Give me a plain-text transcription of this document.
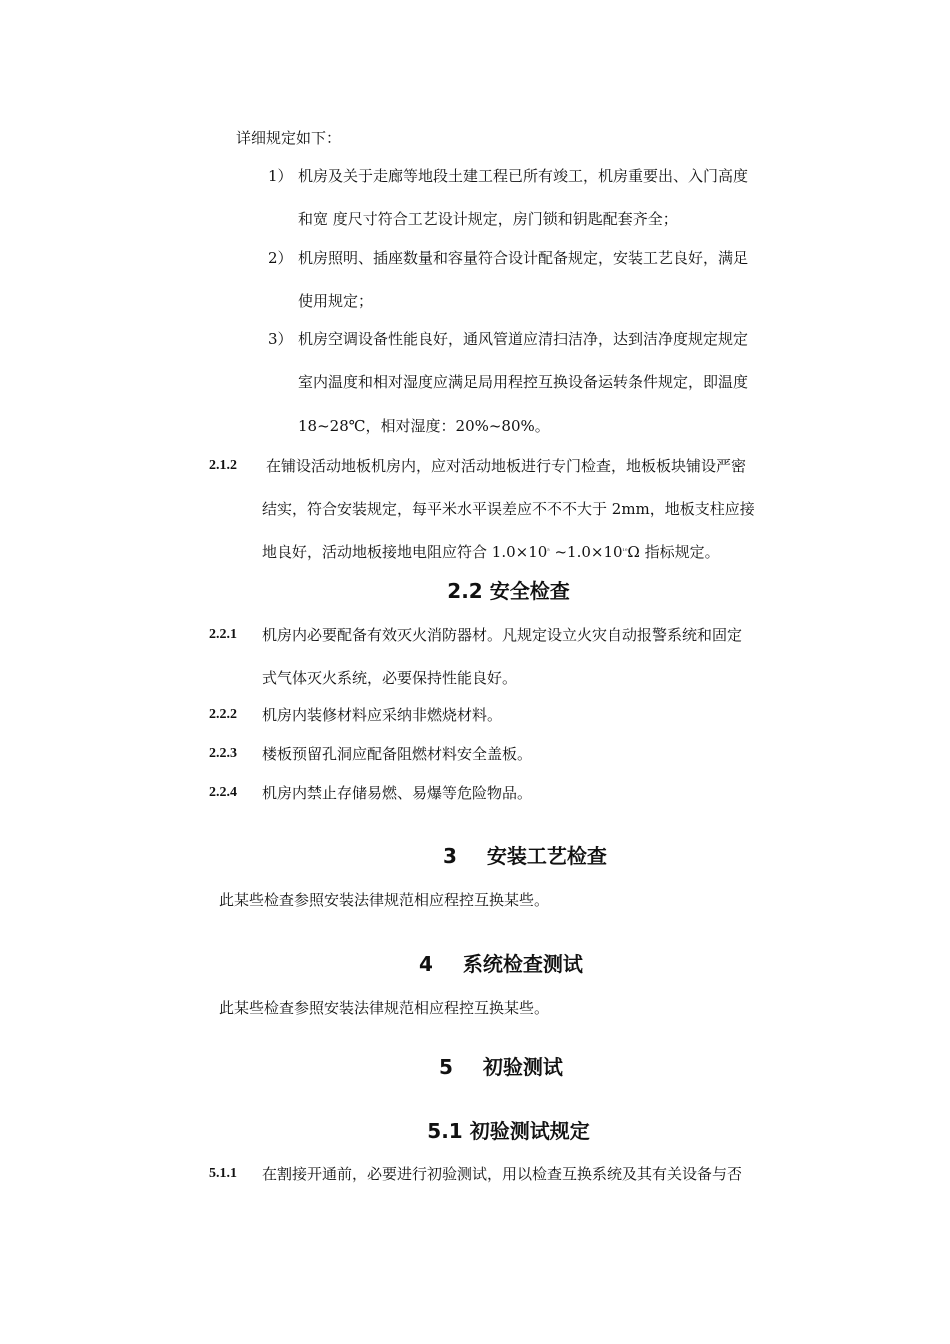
详细规定如下：
1） 机房及关于走廊等地段土建工程已所有竣工，机房重要出、入门高度
和宽 度尺寸符合工艺设计规定，房门锁和钥匙配套齐全；
2） 机房照明、插座数量和容量符合设计配备规定，安装工艺良好，满足
使用规定；
3） 机房空调设备性能良好，通风管道应清扫洁净，达到洁净度规定规定
室内温度和相对湿度应满足局用程控互换设备运转条件规定，即温度
18~28℃，相对湿度：20%~80%。
2.1.2 在铺设活动地板机房内，应对活动地板进行专门检查，地板板块铺设严密
结实，符合安装规定，每平米水平误差应不不不大于 2mm，地板支柱应接
地良好，活动地板接地电阻应符合 $1.0\times 10^{^5}$ $\sim 1.0\times 10^{^{10}}\Omega$ 指标规定。
2.2 安全检查
2.2.1 机房内必要配备有效灭火消防器材。凡规定设立火灾自动报警系统和固定
式气体灭火系统，必要保持性能良好。
2.2.2 机房内装修材料应采纳非燃烧材料。
2.2.3 楼板预留孔洞应配备阻燃材料安全盖板。
2.2.4 机房内禁止存储易燃、易爆等危险物品。
3 安装工艺检查
此某些检查参照安装法律规范相应程控互换某些。
4 系统检查测试
此某些检查参照安装法律规范相应程控互换某些。
5 初验测试
5.1 初验测试规定
5.1.1 在割接开通前，必要进行初验测试，用以检查互换系统及其有关设备与否
